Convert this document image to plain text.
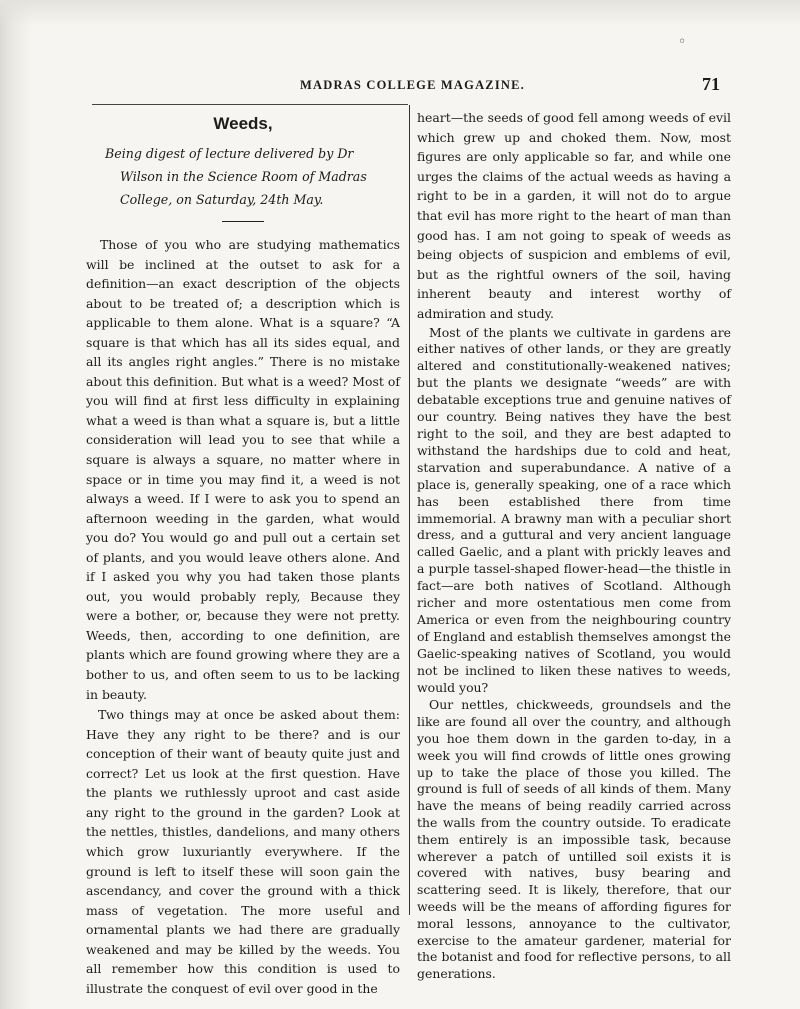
◦
MADRAS COLLEGE MAGAZINE.	71
Weeds,
Being digest of lecture delivered by Dr Wilson in the Science Room of Madras College, on Saturday, 24th May.

Those of you who are studying mathematics will be inclined at the outset to ask for a definition—an exact description of the objects about to be treated of; a description which is applicable to them alone. What is a square? “A square is that which has all its sides equal, and all its angles right angles.” There is no mistake about this definition. But what is a weed? Most of you will find at first less difficulty in explaining what a weed is than what a square is, but a little consideration will lead you to see that while a square is always a square, no matter where in space or in time you may find it, a weed is not always a weed. If I were to ask you to spend an afternoon weeding in the garden, what would you do? You would go and pull out a certain set of plants, and you would leave others alone. And if I asked you why you had taken those plants out, you would probably reply, Because they were a bother, or, because they were not pretty. Weeds, then, according to one definition, are plants which are found growing where they are a bother to us, and often seem to us to be lacking in beauty.

Two things may at once be asked about them: Have they any right to be there? and is our conception of their want of beauty quite just and correct? Let us look at the first question. Have the plants we ruthlessly uproot and cast aside any right to the ground in the garden? Look at the nettles, thistles, dandelions, and many others which grow luxuriantly everywhere. If the ground is left to itself these will soon gain the ascendancy, and cover the ground with a thick mass of vegetation. The more useful and ornamental plants we had there are gradually weakened and may be killed by the weeds. You all remember how this condition is used to illustrate the conquest of evil over good in the

heart—the seeds of good fell among weeds of evil which grew up and choked them. Now, most figures are only applicable so far, and while one urges the claims of the actual weeds as having a right to be in a garden, it will not do to argue that evil has more right to the heart of man than good has. I am not going to speak of weeds as being objects of suspicion and emblems of evil, but as the rightful owners of the soil, having inherent beauty and interest worthy of admiration and study.

Most of the plants we cultivate in gardens are either natives of other lands, or they are greatly altered and constitutionally-weakened natives; but the plants we designate “weeds” are with debatable exceptions true and genuine natives of our country. Being natives they have the best right to the soil, and they are best adapted to withstand the hardships due to cold and heat, starvation and superabundance. A native of a place is, generally speaking, one of a race which has been established there from time immemorial. A brawny man with a peculiar short dress, and a guttural and very ancient language called Gaelic, and a plant with prickly leaves and a purple tassel-shaped flower-head—the thistle in fact—are both natives of Scotland. Although richer and more ostentatious men come from America or even from the neighbouring country of England and establish themselves amongst the Gaelic-speaking natives of Scotland, you would not be inclined to liken these natives to weeds, would you?

Our nettles, chickweeds, groundsels and the like are found all over the country, and although you hoe them down in the garden to-day, in a week you will find crowds of little ones growing up to take the place of those you killed. The ground is full of seeds of all kinds of them. Many have the means of being readily carried across the walls from the country outside. To eradicate them entirely is an impossible task, because wherever a patch of untilled soil exists it is covered with natives, busy bearing and scattering seed. It is likely, therefore, that our weeds will be the means of affording figures for moral lessons, annoyance to the cultivator, exercise to the amateur gardener, material for the botanist and food for reflective persons, to all generations.
